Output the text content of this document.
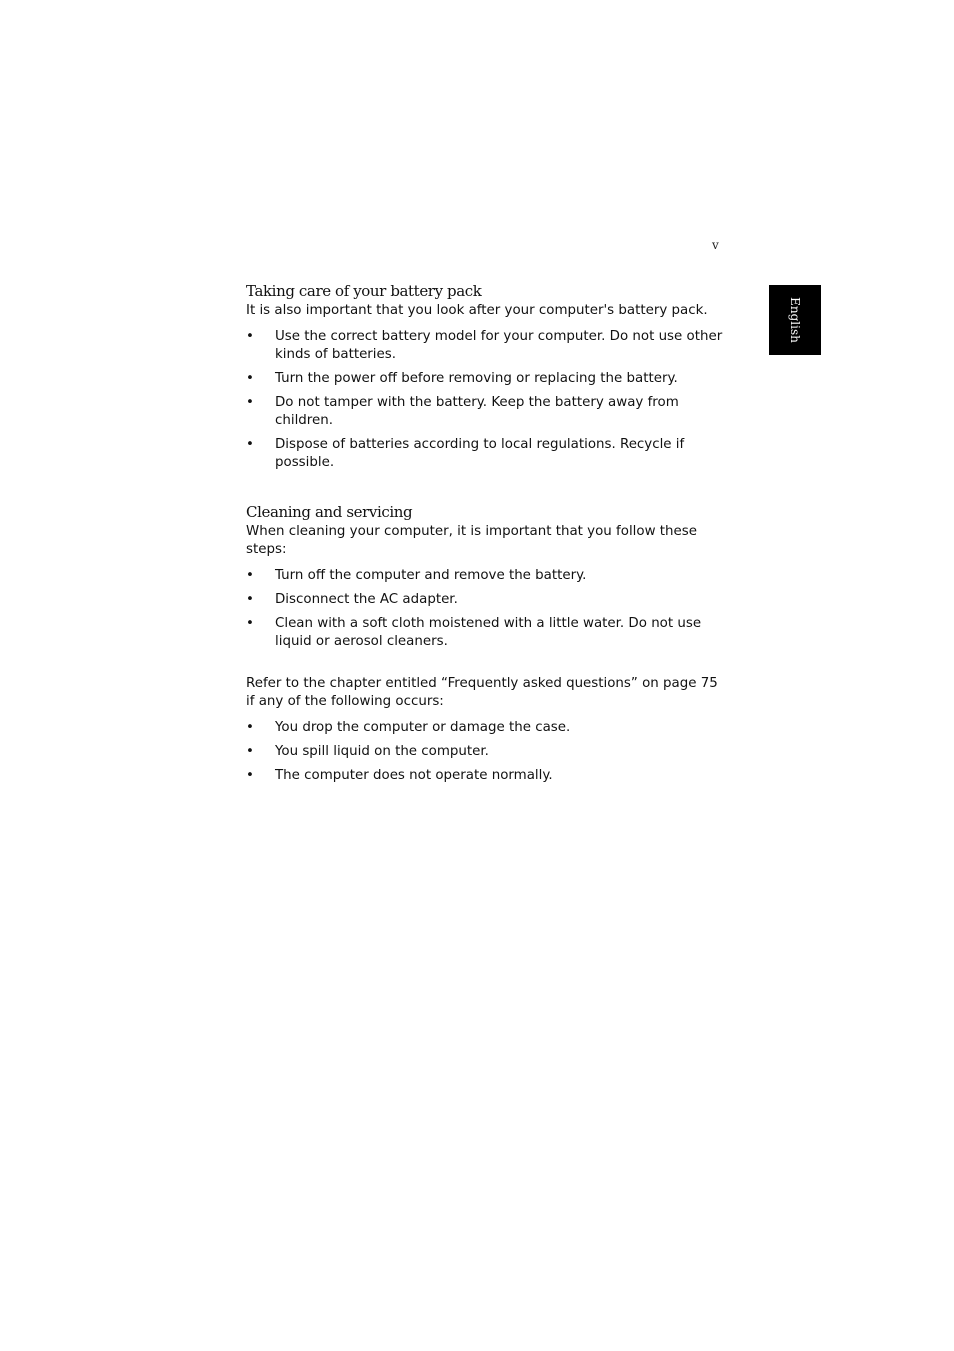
v
English
Taking care of your battery pack

It is also important that you look after your computer's battery pack.

• Use the correct battery model for your computer. Do not use other kinds of batteries.
• Turn the power off before removing or replacing the battery.
• Do not tamper with the battery. Keep the battery away from children.
• Dispose of batteries according to local regulations. Recycle if possible.
Cleaning and servicing

When cleaning your computer, it is important that you follow these steps:

• Turn off the computer and remove the battery.
• Disconnect the AC adapter.
• Clean with a soft cloth moistened with a little water. Do not use liquid or aerosol cleaners.

Refer to the chapter entitled “Frequently asked questions” on page 75 if any of the following occurs:

• You drop the computer or damage the case.
• You spill liquid on the computer.
• The computer does not operate normally.
